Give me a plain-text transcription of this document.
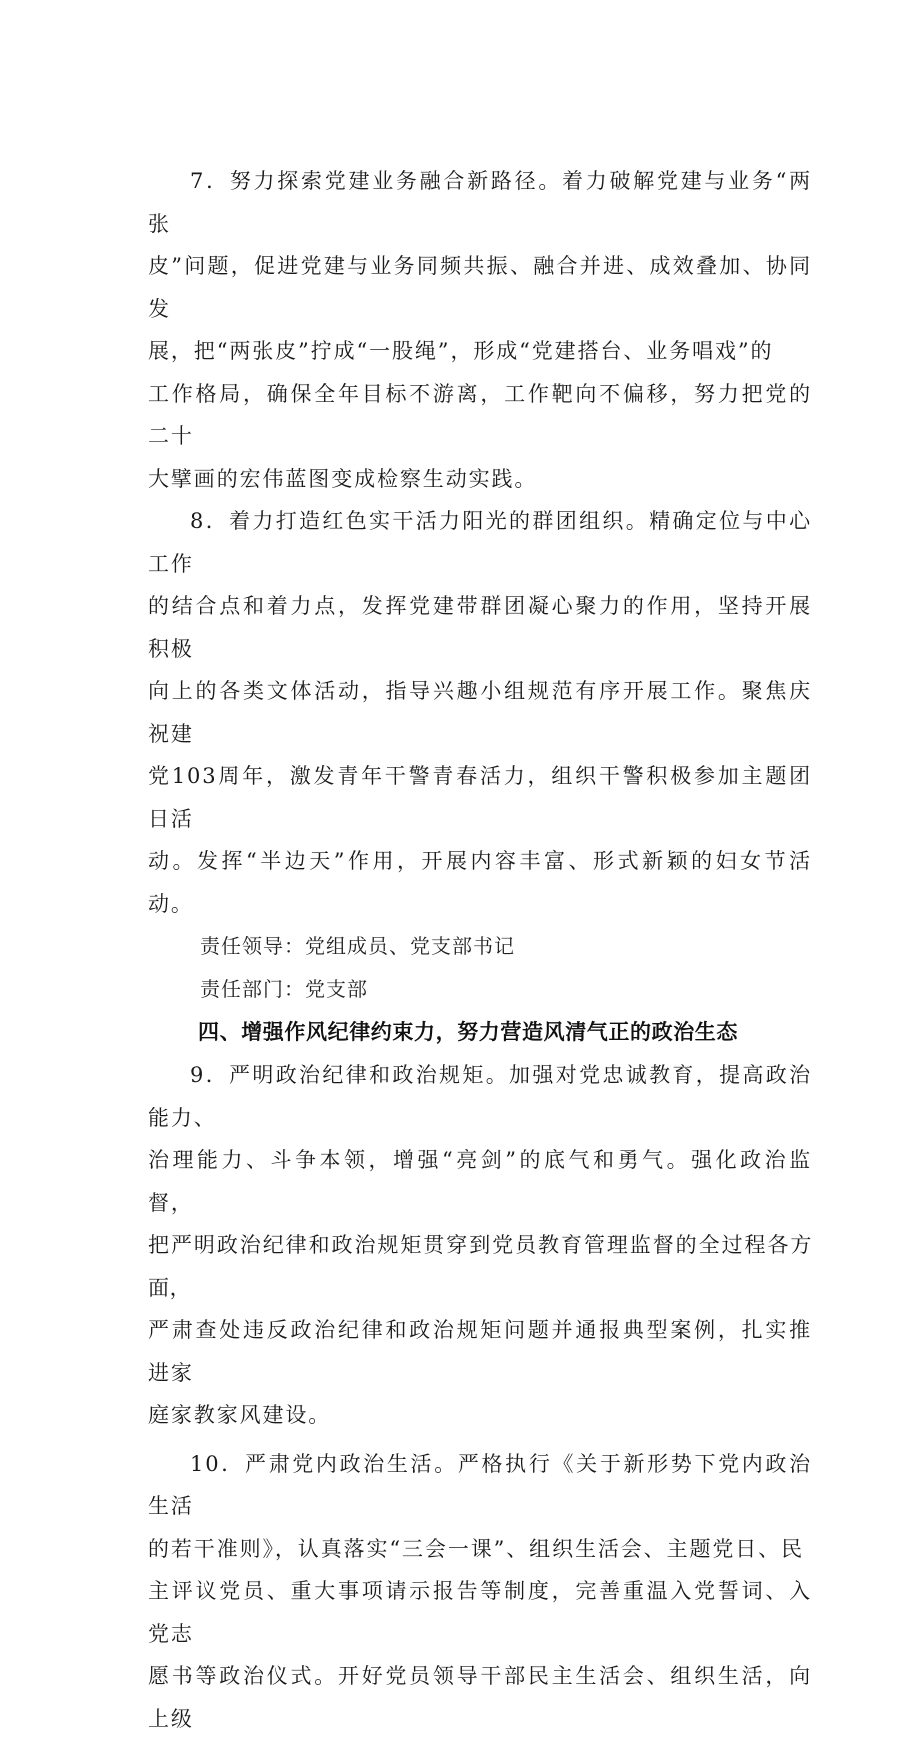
7．努力探索党建业务融合新路径。着力破解党建与业务“两张
皮”问题，促进党建与业务同频共振、融合并进、成效叠加、协同发
展，把“两张皮”拧成“一股绳”，形成“党建搭台、业务唱戏”的
工作格局，确保全年目标不游离，工作靶向不偏移，努力把党的二十
大擘画的宏伟蓝图变成检察生动实践。

8．着力打造红色实干活力阳光的群团组织。精确定位与中心工作
的结合点和着力点，发挥党建带群团凝心聚力的作用，坚持开展积极
向上的各类文体活动，指导兴趣小组规范有序开展工作。聚焦庆祝建
党103周年，激发青年干警青春活力，组织干警积极参加主题团日活
动。发挥“半边天”作用，开展内容丰富、形式新颖的妇女节活动。

责任领导：党组成员、党支部书记

责任部门：党支部

四、增强作风纪律约束力，努力营造风清气正的政治生态

9．严明政治纪律和政治规矩。加强对党忠诚教育，提高政治能力、
治理能力、斗争本领，增强“亮剑”的底气和勇气。强化政治监督，
把严明政治纪律和政治规矩贯穿到党员教育管理监督的全过程各方面，
严肃查处违反政治纪律和政治规矩问题并通报典型案例，扎实推进家
庭家教家风建设。

10．严肃党内政治生活。严格执行《关于新形势下党内政治生活
的若干准则》，认真落实“三会一课”、组织生活会、主题党日、民
主评议党员、重大事项请示报告等制度，完善重温入党誓词、入党志
愿书等政治仪式。开好党员领导干部民主生活会、组织生活，向上级
